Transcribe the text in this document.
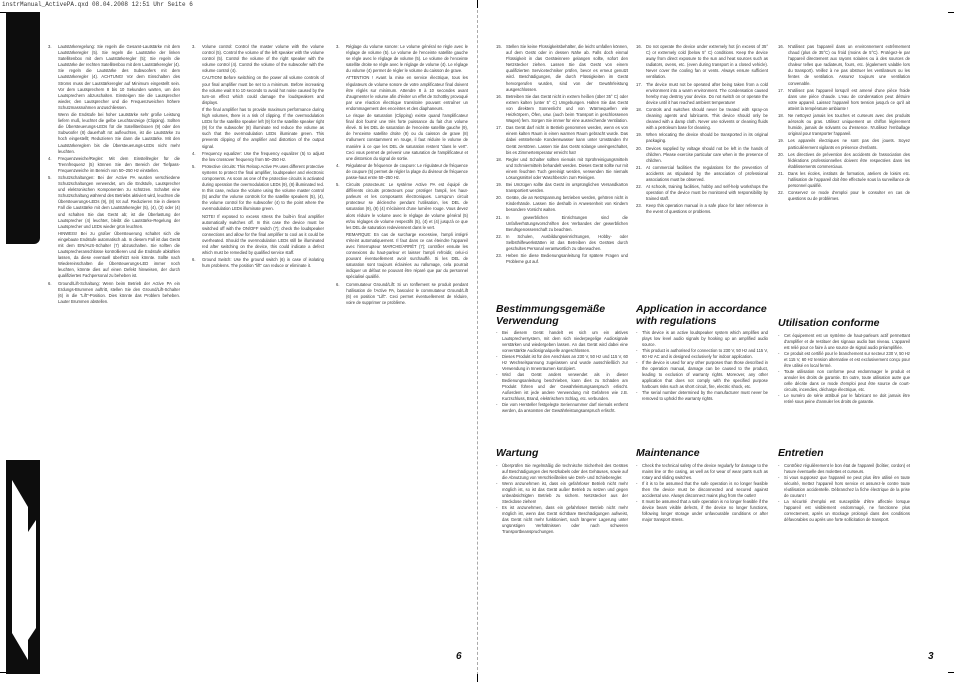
instrManual_ActivePA.qxd 08.04.2008 12:51 Uhr Seite 6
3.	Lautstärkeregelung: Sie regeln die Gesamt-Lautstärke mit dem Lautstärkeregler (5). Sie regeln die Lautstärke der linken Satellitenbox mit dem Lautstärkeregler (5); Sie regeln die Lautstärke der rechten Satellitenbox mit dem Lautstärkeregler (4). Sie regeln die Lautstärke des Subwoofers mit dem Lautstärkeregler (4). ACHTUNG! Vor dem Einschalten des Stroms muss der Lautstärkeregler auf Minimum eingestellt sein. Vor dem Lautsprechern 8 bis 10 Sekunden warten, um den Lautsprechern abzuschalten. Einsteigen Sie die Lautsprecher wieder, den Lautsprecher und die Frequenzweichen höhere Schutzmassnahmen anzuschliessen.
Wenn die Endstufe bei hoher Lautstärke sehr große Leistung liefern muß, leuchtet die gelbe Leuchtanzeige (Clipping). Sollten die Übersteuerungs-LEDs für die Satellitenboxen (9) oder den Subwoofer (8) dauerhaft rot aufleuchten, ist die Lautstärke zu hoch eingestellt; Reduzieren Sie dann die Lautstärke. Mit den Lautstärkereglern bis die Übersteuerungs-LEDs nicht mehr leuchten.
4.	Frequenzweiche/Regler: Mit dem Einstellregler für die Trennfrequenz (5) können Sie den Bereich der Tiefpass-Frequenzweiche im Bereich von 50–250 Hz einstellen.
5.	Schutzschaltungen: Bei der Active PA wurden verschiedene Schutzschaltungen verwendet, um die Endstufe, Lautsprecher und elektronischen Komponenten zu schützen. Schaltet eine Schutzschaltung während des Betriebs aktiviert wird, leuchten die Übersteuerungs-LEDs (9), (8) rot auf. Reduzieren Sie in diesem Fall die Lautstärke mit dem Lautstärkeregler (5), (4), (3) oder (4) und schalten Sie das Gerät ab; ist die Überlastung der Lautsprecher (4) leuchtet, bleibt die Lautstärke-Regelung der Lautsprecher und LEDs wieder grün leuchten.
HINWEIS! Bei zu großer Übersteuerung schaltet sich die eingebaute Endstufe automatisch ab. In diesem Fall ist das Gerät mit dem EIN/AUS-Schalter (7) abzuschalten. Sie sollten die Lautsprecheranschlüsse kontrollieren und die Endstufe abkühlen lassen, da diese eventuell überhitzt sein könnte. Sollte nach Wiedereinschalten die Übersteuerungs-LED immer noch leuchten, könnte dies auf einen Defekt hinweisen, der durch qualifiziertes Fachpersonal zu beheben ist.
6.	Ground/Lift-Schaltung: Wenn beim Betrieb der Active PA ein Erdungs-Brummen auftritt, stellen Sie den Ground/Lift-Schalter (6) in die "Lift"-Position. Dies könnte das Problem beheben. Lauter Brummen abstellen.
3.	Volume control: Control the master volume with the volume control (5). Control the volume of the left speaker with the volume control (5). Control the volume of the right speaker with the volume control (4). Control the volume of the subwoofer with the volume control (4).
CAUTION! Before switching on the power all volume controls of your final amplifier must be set to a minimum. Before increasing the volume wait 8 to 10 seconds to avoid hot noise caused by the turn-on effect which could damage the loudspeakers and displays.
If the final amplifier has to provide maximum performance during high volumes, there is a risk of clipping. If the overmodulation LEDs for the satellite speaker left (9) for the satellite speaker right (9) for the subwoofer (8) illuminate red reduce the volume as such that the overmodulation LEDs illuminate green. This prevents clipping of the amplifier and distortion of the output signal.
4.	Frequency equalizer: Use the frequency equalizer (5) to adjust the low crossover frequency from 50–250 Hz.
5.	Protective circuits: This Reloop Active PA uses different protective systems to protect the final amplifier, loudspeaker and electronic components. As soon as one of the protective circuits is activated during operation the overmodulation LEDs (9), (8) illuminated red. In this case, reduce the volume using the volume master control (5) and/or the volume controls for the satellite speakers (5), (4), the volume control for the subwoofer (4) to the point where the overmodulation LEDs illuminate green.
NOTE! If exposed to excess stress the built-in final amplifier automatically switches off. In this case the device must be switched off with the ON/OFF switch (7); check the loudspeaker connections and allow for the final amplifier to cool as it could be overheated. Should the overmodulation LEDs still be illuminated red after switching on the device, this could indicate a defect which must be remedied by qualified service staff.
6.	Ground Switch: Use the ground switch (6) in case of isolating hum problems. The position "lift" can reduce or eliminate it.
3.	Réglage du volume sonore: Le volume général se règle avec le réglage de volume (5). Le volume de l'enceinte satellite gauche se règle avec le réglage de volume (5). Le volume de l'enceinte satellite droite se règle avec le réglage de volume (4). Le réglage du volume (4) permet de régler le volume du caisson de grave.
ATTENTION ! Avant la mise en service électrique, tous les régulateurs de volume sonore de votre amplificateur final doivent être réglés sur minimum. Attendre 8 à 10 secondes avant d'augmenter le volume afin d'éviter un effet de Schottky provoqué par une réaction électrique transitoire pouvant entraîner un endommagement des enceintes et des diaphaneurs.
Le risque de saturation (Clipping) existe quand l'amplificateur final doit fournir une très forte puissance du fait d'un volume élevé. Si les DEL de saturation de l'enceinte satellite gauche (9), de l'enceinte satellite droite (9) ou du caisson de grave (8) s'allument constamment en rouge, il faut réduire le volume de manière à ce que les DEL de saturation restent "dans le vert". Ceci vous permet de prévenir une saturation de l'amplificateur et une distorsion du signal de sortie.
4.	Régulateur de fréquence de coupure: Le régulateur de fréquence de coupure (5) permet de régler la plage du diviseur de fréquence passe-haut entre 50–250 Hz.
5.	Circuits protecteurs: Le système Active PA est équipé de différents circuits protecteurs pour protéger l'ampli, les haut-parleurs et les composants électroniques. Lorsqu'un circuit protecteur se déclenche pendant l'utilisation, les DEL de saturation (9), (8) (4) s'éclairent d'une lumière rouge. Vous devez alors réduire le volume avec le réglage de volume général (5) et/ou réglages de volume respectifs (5), (4) et (4) jusqu'à ce que les DEL de saturation redeviennent dans le vert.
REMARQUE: En cas de surcharge excessive, l'ampli intégré s'éteint automatiquement. Il faut dans ce cas éteindre l'appareil avec l'interrupteur MARCHE/ARRÊT (7); contrôler ensuite les connexions du haut-parleur et laisser l'ampli refroidir, celui-ci pouvant éventuellement avoir surchauffé. Si les DEL de saturation sont toujours éclairées au rallumage, cela pourrait indiquer un défaut ne pouvant être réparé que par du personnel spécialisé qualifié.
6.	Commutateur Ground/Lift: Si un ronflement se produit pendant l'utilisation de l'Active PA, basculez le commutateur Ground/Lift (6) en position "Lift". Ceci permet éventuellement de réduire, voire de supprimer ce problème.
15. Stellen Sie keine Flüssigkeitsbehälter, die leicht umfallen können, auf dem Gerät oder in dessen Nähe ab. Falls doch einmal Flüssigkeit in das Geräteinnere gelangen sollte, sofort den Netzstecker ziehen. Lassen Sie das Gerät von einem qualifizierten Servicetechniker prüfen, bevor es erneut genutzt wird. Beschädigungen, die durch Flüssigkeiten im Gerät hervorgerufen wurden, sind von der Gewährleistung ausgeschlossen.
16. Betreiben Sie das Gerät nicht in extrem heißen (über 35° C) oder extrem kalten (unter 5° C) Umgebungen. Halten Sie das Gerät von direktem Sonnenlicht und von Wärmequellen wie Heizkörpern, Öfen, usw. (auch beim Transport in geschlossenen Wagen) fern. Sorgen Sie immer für eine ausreichende Ventilation.
17. Das Gerät darf nicht in Betrieb genommen werden, wenn es von einem kalten Raum in einen warmen Raum gebracht wurde. Das dabei entstehende Kondenswasser kann unter Umständen Ihr Gerät zerstören. Lassen Sie das Gerät solange uneingeschaltet, bis es Zimmertemperatur erreicht hat!
18. Regler und Schalter sollten niemals mit Sprühreinigungsmitteln und Schmiermitteln behandelt werden. Dieses Gerät sollte nur mit einem feuchten Tuch gereinigt werden, verwenden Sie niemals Lösungsmittel oder Waschbenzin zum Reinigen.
19. Bei Umzügen sollte das Gerät im ursprünglichen Versandkarton transportiert werden.
20. Geräte, die an Netzspannung betrieben werden, gehören nicht in Kinderhände. Lassen Sie deshalb in Anwesenheit von Kindern besondere Vorsicht walten.
21. In gewerblichen Einrichtungen sind die Unfallverhütungsvorschriften des Verbandes der gewerblichen Berufsgenossenschaft zu beachten.
22. In Schulen, Ausbildungseinrichtungen, Hobby- oder Selbsthilfewerkstätten ist das Betreiben des Gerätes durch geschultes Personal verantwortlich zu überwachen.
23. Heben Sie diese Bedienungsanleitung für spätere Fragen und Probleme gut auf.
16. Do not operate the device under extremely hot (in excess of 35° C) or extremely cold (below 5° C) conditions. Keep the device away from direct exposure to the sun and heat sources such as radiators, ovens, etc. (even during transport in a closed vehicle). Never cover the cooling fan or vents. Always ensure sufficient ventilation.
17. The device must not be operated after being taken from a cold environment into a warm environment. The condensation caused hereby may destroy your device. Do not switch on or operate the device until it has reached ambient temperature!
18. Controls and switches should never be treated with spray-on cleaning agents and lubricants. This device should only be cleaned with a damp cloth. Never use solvents or cleaning fluids with a petroleum base for cleaning.
19. When relocating the device should be transported in its original packaging.
20. Devices supplied by voltage should not be left in the hands of children. Please exercise particular care when in the presence of children.
21. At commercial facilities the regulations for the prevention of accidents as stipulated by the association of professional associations must be observed.
22. At schools, training facilities, hobby and self-help workshops the operation of the device must be monitored with responsibility by trained staff.
23. Keep this operation manual in a safe place for later reference in the event of questions or problems.
16. N'utilisez pas l'appareil dans un environnement extrêmement chaud (plus de 35°C) ou froid (moins de 5°C). Protégez-le par l'appareil directement aux rayons solaires ou à des sources de chaleur telles que radiateurs, fours, etc. (également valable lors du transport). Veillez à ne pas obstruer les ventilateurs ou les fentes de ventilation. Assurez toujours une ventilation convenable.
17. N'utilisez pas l'appareil lorsqu'il est amené d'une pièce froide dans une pièce chaude. L'eau de condensation peut détruire votre appareil. Laissez l'appareil hors tension jusqu'à ce qu'il ait atteint la température ambiante !
18. Ne nettoyez jamais les touches et curseurs avec des produits aérosols ou gras. Utilisez uniquement un chiffon légèrement humide, jamais de solvants ou d'essence. N'utilisez l'emballage original pour transporter l'appareil.
19. Les appareils électriques ne sont pas des jouets. Soyez particulièrement vigilants en présence d'enfants.
20. Les directives de prévention des accidents de l'association des fédérations professionnelles doivent être respectées dans les établissements commerciaux.
21. Dans les écoles, instituts de formation, ateliers de loisirs etc. l'utilisation de l'appareil doit être effectuée sous la surveillance de personnel qualifié.
22. Conservez ce mode d'emploi pour le consulter en cas de questions ou de problèmes.
Bestimmungsgemäße
Verwendung
-	Bei diesem Gerät handelt es sich um ein aktives Lautsprechersystem, mit dem sich niederpegelige Audiosignale verstärken und wiedergeben lassen. An das Gerät wird dabei eine vorverstärkte Audiosignalquelle angeschlossen.
-	Dieses Produkt ist für den Anschluss an 230 V, 50 Hz und 115 V, 60 Hz Wechselspannung zugelassen und wurde ausschließlich zur Verwendung in Innenräumen konzipiert.
-	Wird das Gerät anders verwendet als in dieser Bedienungsanleitung beschrieben, kann dies zu Schäden am Produkt führen und der Gewährleistungsanspruch erlischt. Außerdem ist jede andere Verwendung mit Gefahren wie z.B. Kurzschluss, Brand, elektrischem Schlag, etc. verbunden.
-	Die vom Hersteller festgelegte Seriennummer darf niemals entfernt werden, da ansonsten der Gewährleistungsanspruch erlischt.
Application in accordance
with regulations
-	This device is an active loudspeaker system which amplifies and plays low level audio signals by hooking up an amplified audio source.
-	This product is authorised for connection to 230 V, 50 Hz and 115 V, 60 Hz AC and is designed exclusively for indoor application.
-	If the device is used for any other purposes than those described in the operation manual, damage can be caused to the product, leading to exclusion of warranty rights. Moreover, any other application that does not comply with the specified purpose harbours risks such as short circuit, fire, electric shock, etc.
-	The serial number determined by the manufacturer must never be removed to uphold the warranty rights.
Utilisation conforme
-	Cet équipement est un système de haut-parleurs actif permettant d'amplifier et de restituer des signaux audio bas niveau. L'appareil est relié pour ce faire à une source de signal audio préamplifiée.
-	Ce produit est certifié pour le branchement sur secteur 230 V, 50 Hz et 115 V, 60 Hz tension alternative et est exclusivement conçu pour être utilisé en local fermé.
-	Toute utilisation non conforme peut endommager le produit et annuler les droits de garantie. En outre, toute utilisation autre que celle décrite dans ce mode d'emploi peut être source de court-circuits, incendies, décharge électrique, etc.
-	Le numéro de série attribué par le fabricant ne doit jamais être retiré sous peine d'annuler les droits de garantie.
Wartung
-	Überprüfen Sie regelmäßig die technische Sicherheit des Gerätes auf Beschädigungen des Netzkabels oder des Gehäuses, sowie auf die Abnutzung von Verschleißteilen wie Dreh- und Schieberegler.
-	Wenn anzunehmen ist, dass ein gefahrloser Betrieb nicht mehr möglich ist, so ist das Gerät außer Betrieb zu setzen und gegen unbeabsichtigten Betrieb zu sichern. Netzstecker aus der Steckdose ziehen!
-	Es ist anzunehmen, dass ein gefahrloser Betrieb nicht mehr möglich ist, wenn das Gerät sichtbare Beschädigungen aufweist, das Gerät nicht mehr funktioniert, nach längerer Lagerung unter ungünstigen Verhältnissen oder nach schweren Transportbeanspruchungen.
Maintenance
-	Check the technical safety of the device regularly for damage to the mains line or the casing, as well as for wear of wear parts such as rotary and sliding switches.
-	If it is to be assumed that the safe operation is no longer feasible then the device must be disconnected and secured against accidental use. Always disconnect mains plug from the outlet!
-	It must be assumed that a safe operation is no longer feasible if the device bears visible defects, if the device no longer functions, following longer storage under unfavourable conditions or after major transport stress.
Entretien
-	Contrôlez régulièrement le bon état de l'appareil (boîtier, cordon) et l'usure éventuelle des molettes et curseurs.
-	Si vous supposez que l'appareil ne peut plus être utilisé en toute sécurité, mettez l'appareil hors service et assurez-le contre toute réutilisation accidentelle. Débranchez la fiche électrique de la prise de courant !
-	La sécurité d'emploi est susceptible d'être affectée lorsque l'appareil est visiblement endommagé, ne fonctionne plus correctement, après un stockage prolongé dans des conditions défavorables ou après une forte sollicitation de transport.
6	3
